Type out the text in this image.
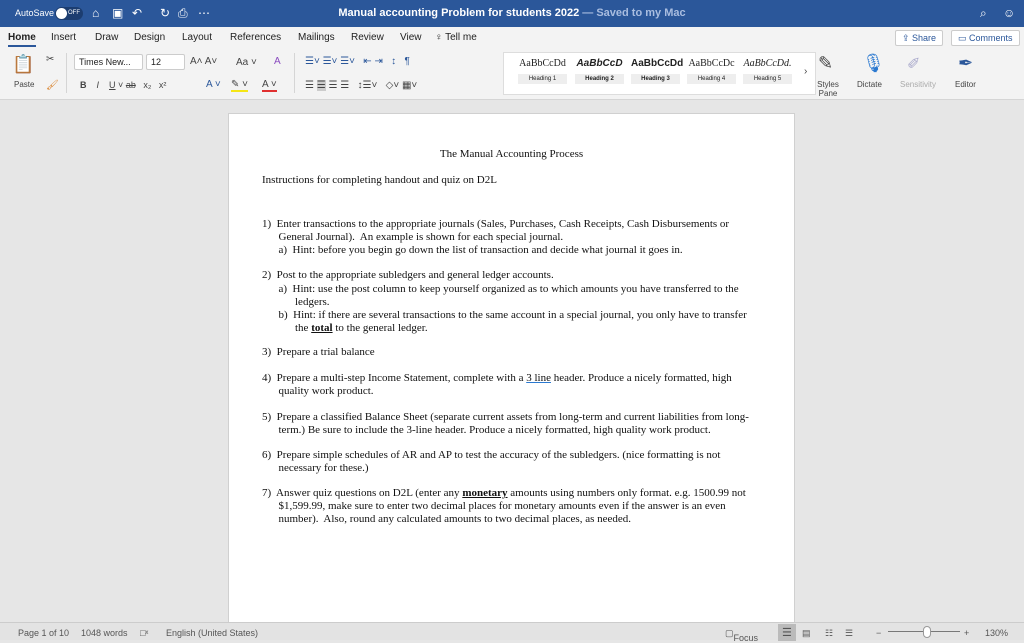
AutoSave	OFF ⌂ ▣ ↶ ↻ ⎙ ⋯	Manual accounting Problem for students 2022 — Saved to my Mac	⌕ ☺
Home Insert Draw Design Layout References Mailings Review View ♀ Tell me	⇪ Share	▭ Comments
📋
Paste
✂
🖌
Times New...	12	A˄ A˅ Aa ˅ A
B I U ˅ ab   x₂   x²	A ˅ ✎ ˅ A ˅
☰˅ ☰˅ ☰˅   ⇤ ⇥   ↕   ¶
☰ ☰ ☰ ☰   ↕☰˅   ◇˅ ▦˅
AaBbCcDd
Heading 1
AaBbCcD
Heading 2
AaBbCcDd
Heading 3
AaBbCcDc
Heading 4
AaBbCcDd.
Heading 5
› ✎
Styles Pane
🎙
Dictate
✐
Sensitivity
✒
Editor
The Manual Accounting Process
Instructions for completing handout and quiz on D2L
1)  Enter transactions to the appropriate journals (Sales, Purchases, Cash Receipts, Cash Disbursements or
General Journal).  An example is shown for each special journal.
a)  Hint: before you begin go down the list of transaction and decide what journal it goes in.
2)  Post to the appropriate subledgers and general ledger accounts.
a)  Hint: use the post column to keep yourself organized as to which amounts you have transferred to the
ledgers.
b)  Hint: if there are several transactions to the same account in a special journal, you only have to transfer
the total to the general ledger.
3)  Prepare a trial balance
4)  Prepare a multi-step Income Statement, complete with a 3 line header. Produce a nicely formatted, high
quality work product.
5)  Prepare a classified Balance Sheet (separate current assets from long-term and current liabilities from long-
term.) Be sure to include the 3-line header. Produce a nicely formatted, high quality work product.
6)  Prepare simple schedules of AR and AP to test the accuracy of the subledgers. (nice formatting is not
necessary for these.)
7)  Answer quiz questions on D2L (enter any monetary amounts using numbers only format. e.g. 1500.99 not
$1,599.99, make sure to enter two decimal places for monetary amounts even if the answer is an even
number).  Also, round any calculated amounts to two decimal places, as needed.
Page 1 of 10 1048 words □ˣ English (United States)	▢ Focus	☰	▤ ☷ ☰	−	+ 130%
